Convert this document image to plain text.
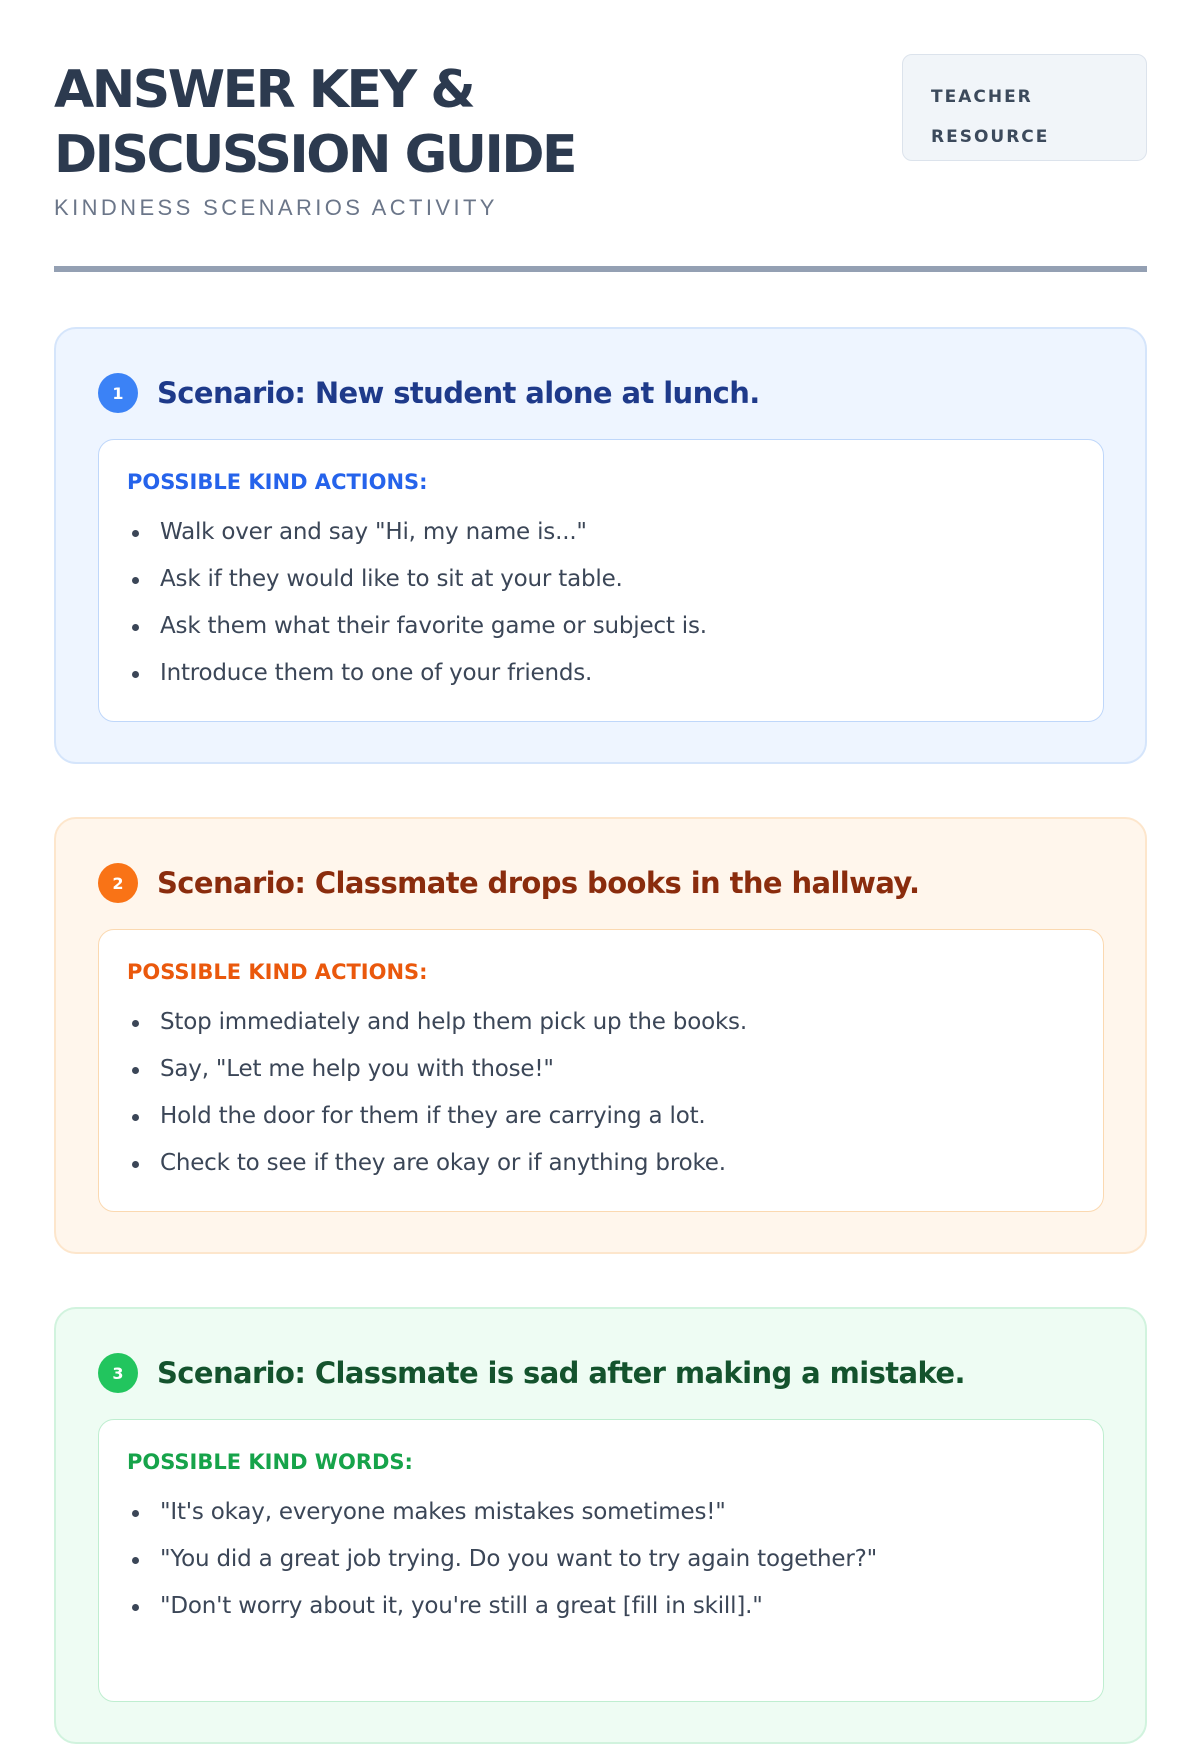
ANSWER KEY &
DISCUSSION GUIDE
KINDNESS SCENARIOS ACTIVITY
TEACHER
RESOURCE
1	Scenario: New student alone at lunch.
POSSIBLE KIND ACTIONS:
Walk over and say "Hi, my name is..."
Ask if they would like to sit at your table.
Ask them what their favorite game or subject is.
Introduce them to one of your friends.
2	Scenario: Classmate drops books in the hallway.
POSSIBLE KIND ACTIONS:
Stop immediately and help them pick up the books.
Say, "Let me help you with those!"
Hold the door for them if they are carrying a lot.
Check to see if they are okay or if anything broke.
3	Scenario: Classmate is sad after making a mistake.
POSSIBLE KIND WORDS:
"It's okay, everyone makes mistakes sometimes!"
"You did a great job trying. Do you want to try again together?"
"Don't worry about it, you're still a great [fill in skill]."
